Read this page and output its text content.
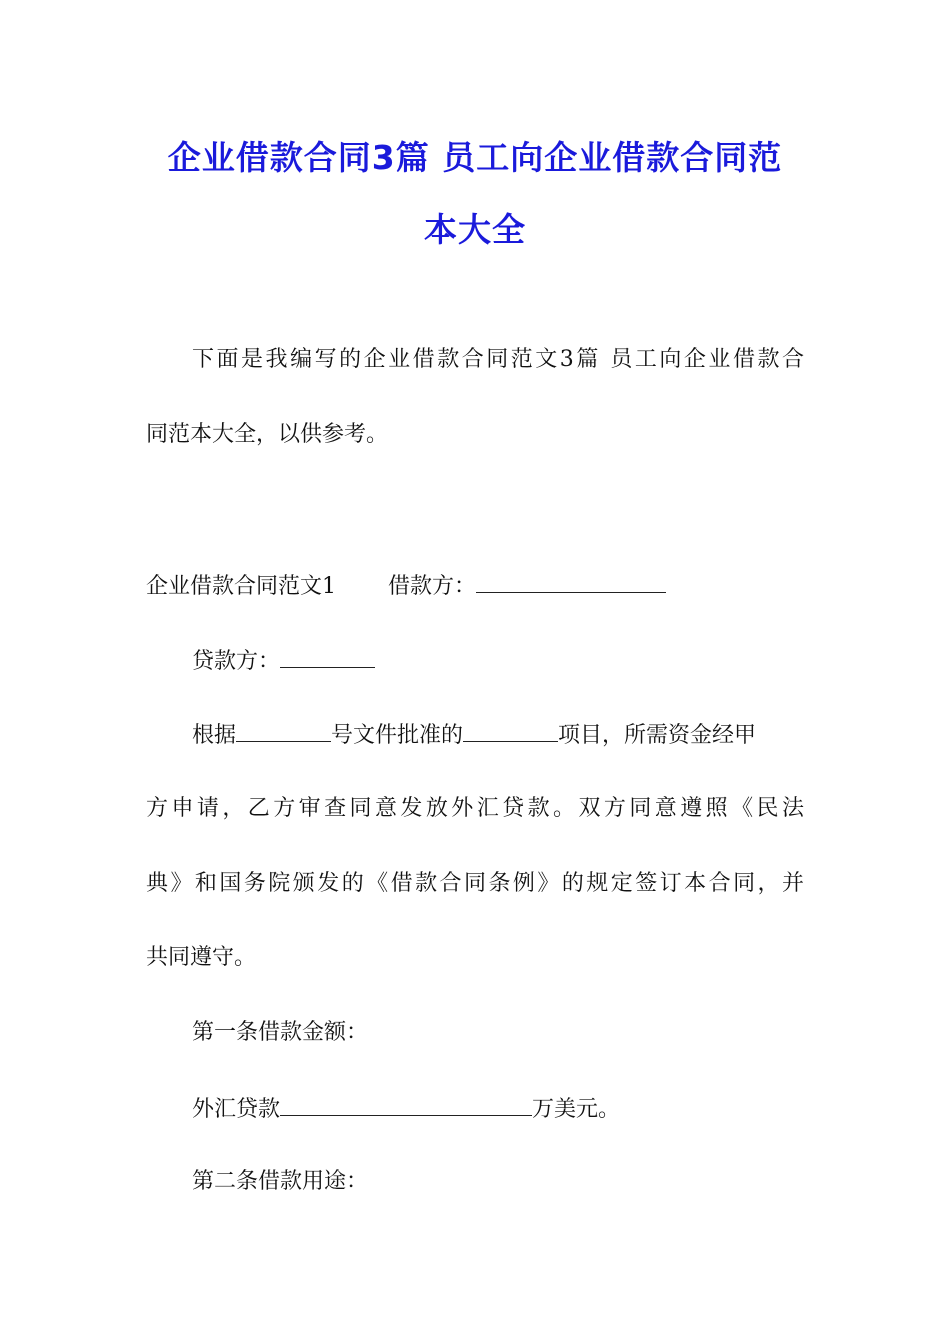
企业借款合同3篇 员工向企业借款合同范
本大全
下面是我编写的企业借款合同范文3篇 员工向企业借款合
同范本大全，以供参考。
企业借款合同范文1 借款方：
贷款方：
根据	号文件批准的	项目，所需资金经甲
方申请，乙方审查同意发放外汇贷款。双方同意遵照《民法
典》和国务院颁发的《借款合同条例》的规定签订本合同，并
共同遵守。
第一条借款金额：
外汇贷款	万美元。
第二条借款用途：
